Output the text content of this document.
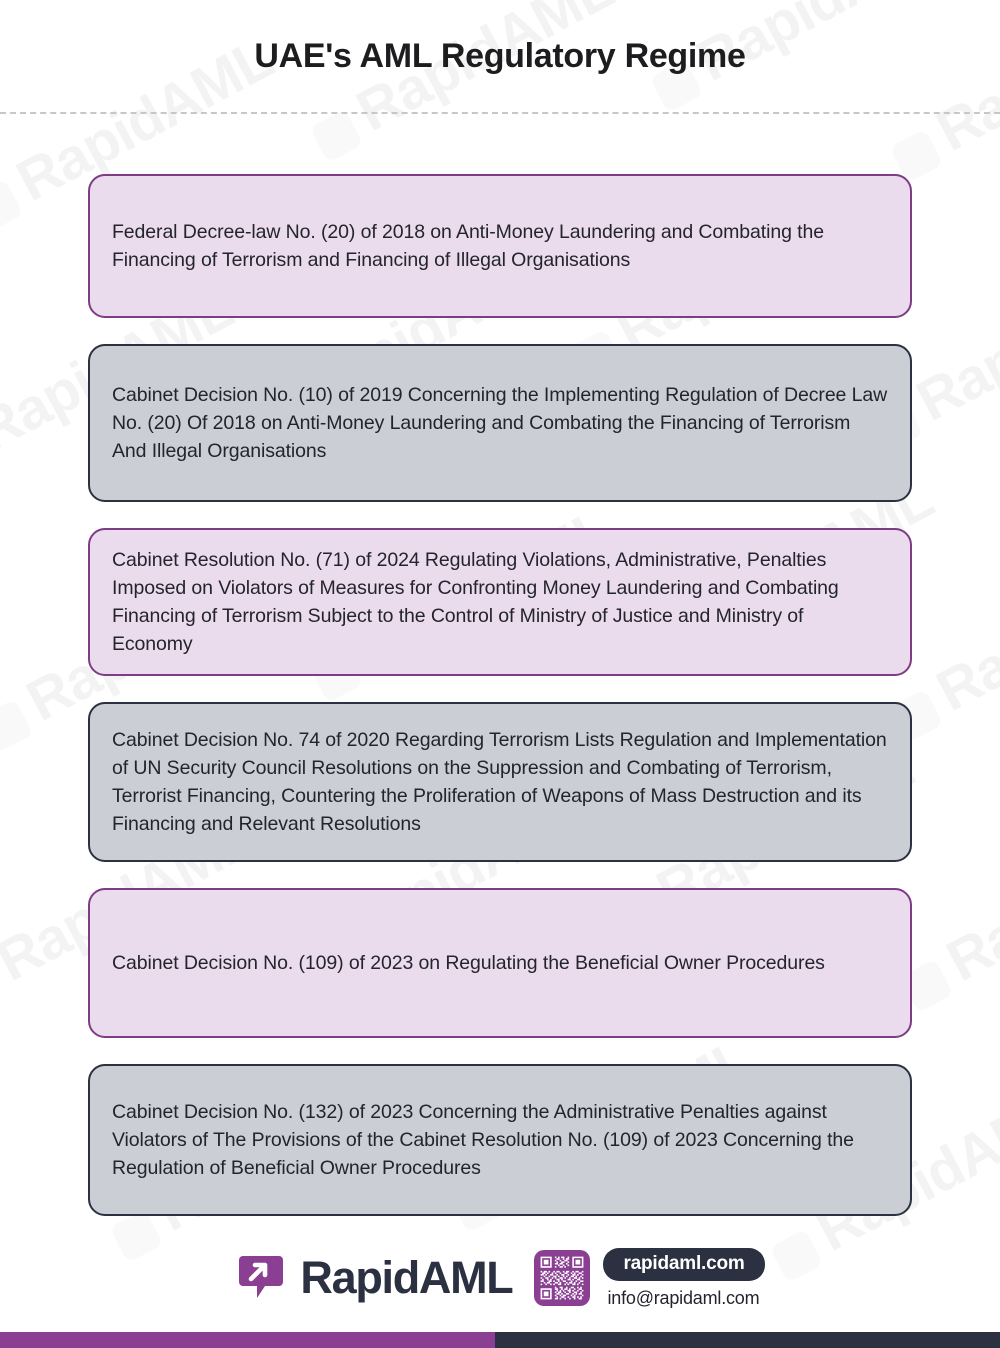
UAE's AML Regulatory Regime
Federal Decree-law No. (20) of 2018 on Anti-Money Laundering and Combating the Financing of Terrorism and Financing of Illegal Organisations
Cabinet Decision No. (10) of 2019 Concerning the Implementing Regulation of Decree Law No. (20) Of 2018 on Anti-Money Laundering and Combating the Financing of Terrorism And Illegal Organisations
Cabinet Resolution No. (71) of 2024 Regulating Violations, Administrative, Penalties Imposed on Violators of Measures for Confronting Money Laundering and Combating Financing of Terrorism Subject to the Control of Ministry of Justice and Ministry of Economy
Cabinet Decision No. 74 of 2020 Regarding Terrorism Lists Regulation and Implementation of UN Security Council Resolutions on the Suppression and Combating of Terrorism, Terrorist Financing, Countering the Proliferation of Weapons of Mass Destruction and its Financing and Relevant Resolutions
Cabinet Decision No. (109) of 2023 on Regulating the Beneficial Owner Procedures
Cabinet Decision No. (132) of 2023 Concerning the Administrative Penalties against Violators of The Provisions of the Cabinet Resolution No. (109) of 2023 Concerning the Regulation of Beneficial Owner Procedures
RapidAML	rapidaml.com
info@rapidaml.com
